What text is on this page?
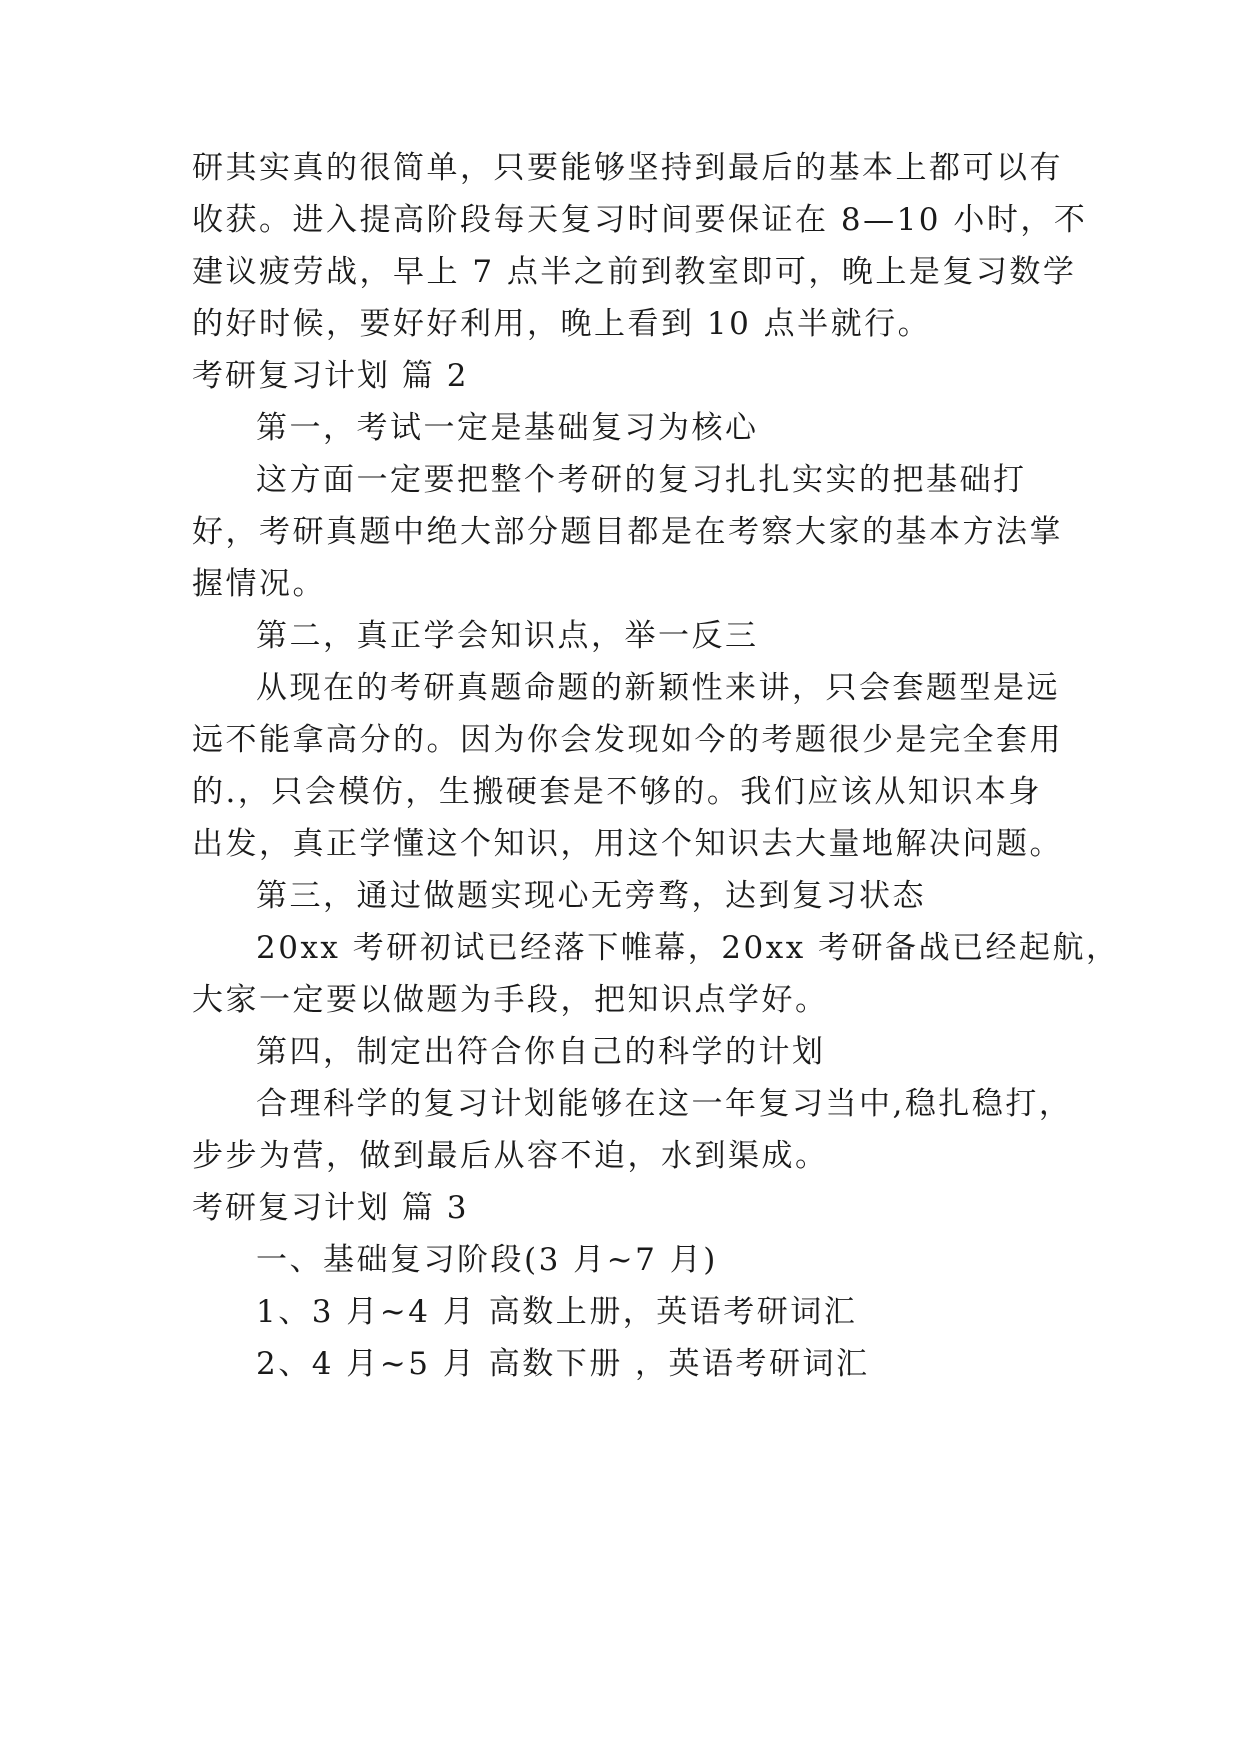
研其实真的很简单，只要能够坚持到最后的基本上都可以有
收获。进入提高阶段每天复习时间要保证在 8—10 小时，不
建议疲劳战，早上 7 点半之前到教室即可，晚上是复习数学
的好时候，要好好利用，晚上看到 10 点半就行。
考研复习计划 篇 2
第一，考试一定是基础复习为核心
这方面一定要把整个考研的复习扎扎实实的把基础打
好，考研真题中绝大部分题目都是在考察大家的基本方法掌
握情况。
第二，真正学会知识点，举一反三
从现在的考研真题命题的新颖性来讲，只会套题型是远
远不能拿高分的。因为你会发现如今的考题很少是完全套用
的.，只会模仿，生搬硬套是不够的。我们应该从知识本身
出发，真正学懂这个知识，用这个知识去大量地解决问题。
第三，通过做题实现心无旁骛，达到复习状态
20xx 考研初试已经落下帷幕，20xx 考研备战已经起航，
大家一定要以做题为手段，把知识点学好。
第四，制定出符合你自己的科学的计划
合理科学的复习计划能够在这一年复习当中,稳扎稳打，
步步为营，做到最后从容不迫，水到渠成。
考研复习计划 篇 3
一、基础复习阶段(3 月~7 月)
1、3 月~4 月 高数上册，英语考研词汇
2、4 月~5 月 高数下册 ，英语考研词汇
